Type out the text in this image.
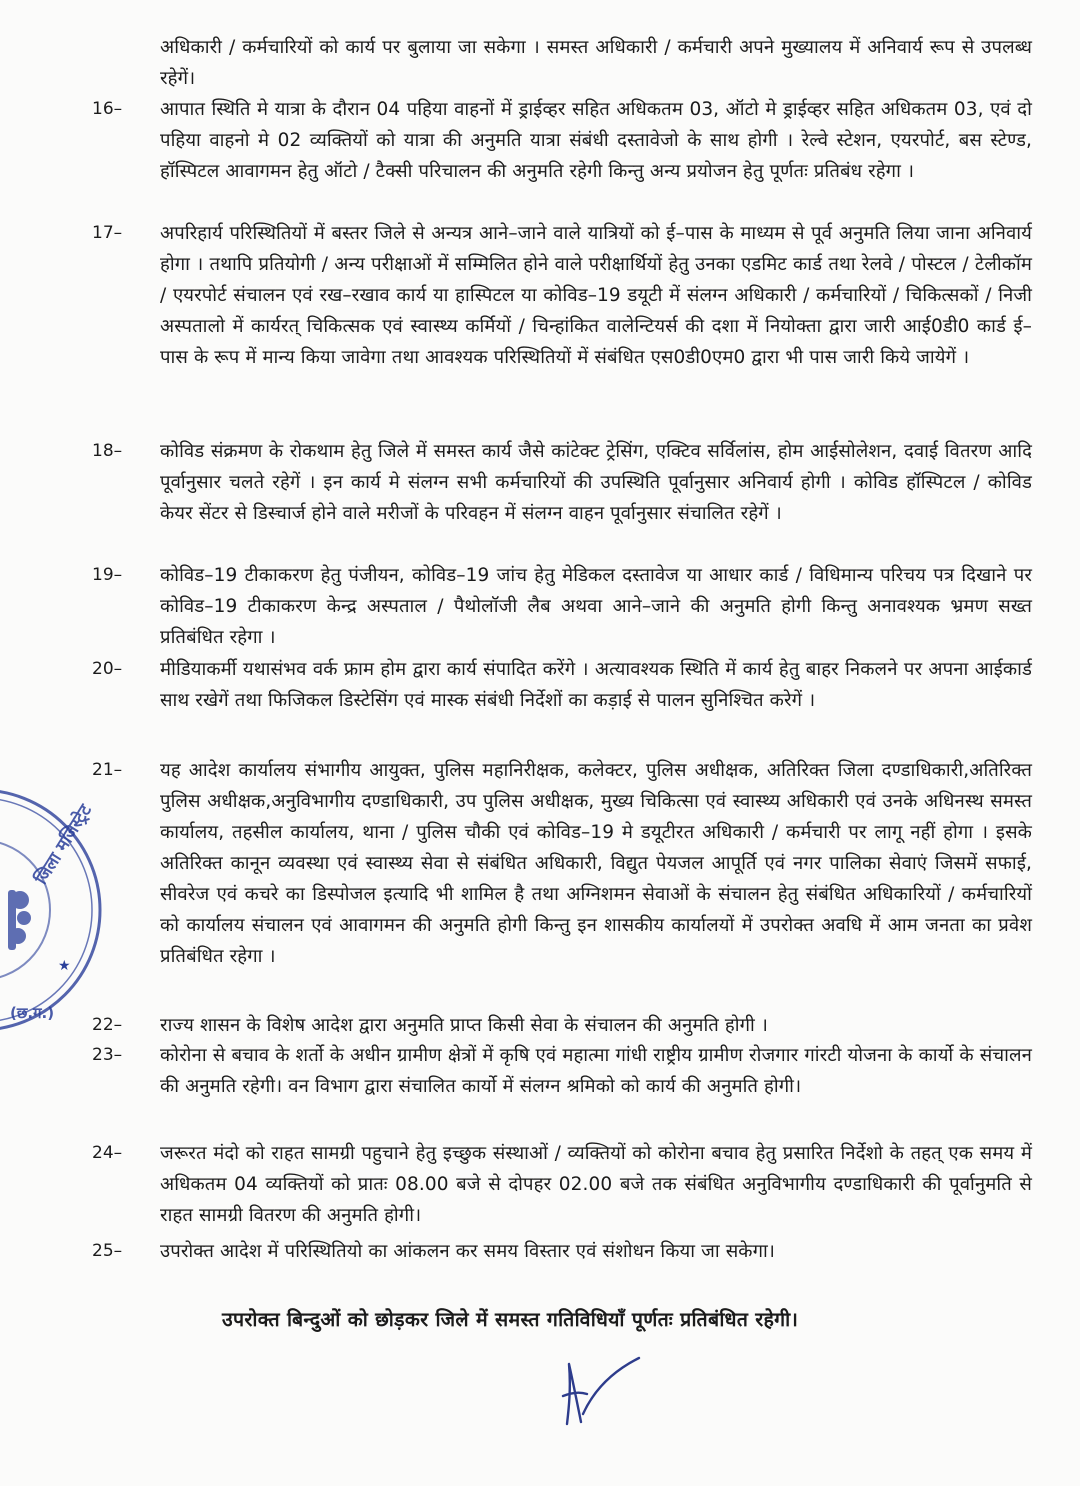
अधिकारी / कर्मचारियों को कार्य पर बुलाया जा सकेगा । समस्त अधिकारी / कर्मचारी अपने मुख्यालय में अनिवार्य रूप से उपलब्ध रहेगें।
16–	आपात स्थिति मे यात्रा के दौरान 04 पहिया वाहनों में ड्राईव्हर सहित अधिकतम 03, ऑटो मे ड्राईव्हर सहित अधिकतम 03, एवं दो पहिया वाहनो मे 02 व्यक्तियों को यात्रा की अनुमति यात्रा संबंधी दस्तावेजो के साथ होगी । रेल्वे स्टेशन, एयरपोर्ट, बस स्टेण्ड, हॉस्पिटल आवागमन हेतु ऑटो / टैक्सी परिचालन की अनुमति रहेगी किन्तु अन्य प्रयोजन हेतु पूर्णतः प्रतिबंध रहेगा ।
17–	अपरिहार्य परिस्थितियों में बस्तर जिले से अन्यत्र आने–जाने वाले यात्रियों को ई–पास के माध्यम से पूर्व अनुमति लिया जाना अनिवार्य होगा । तथापि प्रतियोगी / अन्य परीक्षाओं में सम्मिलित होने वाले परीक्षार्थियों हेतु उनका एडमिट कार्ड तथा रेलवे / पोस्टल / टेलीकॉम / एयरपोर्ट संचालन एवं रख–रखाव कार्य या हास्पिटल या कोविड–19 डयूटी में संलग्न अधिकारी / कर्मचारियों / चिकित्सकों / निजी अस्पतालो में कार्यरत् चिकित्सक एवं स्वास्थ्य कर्मियों / चिन्हांकित वालेन्टियर्स की दशा में नियोक्ता द्वारा जारी आई0डी0 कार्ड ई–पास के रूप में मान्य किया जावेगा तथा आवश्यक परिस्थितियों में संबंधित एस0डी0एम0 द्वारा भी पास जारी किये जायेगें ।
18–	कोविड संक्रमण के रोकथाम हेतु जिले में समस्त कार्य जैसे कांटेक्ट ट्रेसिंग, एक्टिव सर्विलांस, होम आईसोलेशन, दवाई वितरण आदि पूर्वानुसार चलते रहेगें । इन कार्य मे संलग्न सभी कर्मचारियों की उपस्थिति पूर्वानुसार अनिवार्य होगी । कोविड हॉस्पिटल / कोविड केयर सेंटर से डिस्चार्ज होने वाले मरीजों के परिवहन में संलग्न वाहन पूर्वानुसार संचालित रहेगें ।
19–	कोविड–19 टीकाकरण हेतु पंजीयन, कोविड–19 जांच हेतु मेडिकल दस्तावेज या आधार कार्ड / विधिमान्य परिचय पत्र दिखाने पर कोविड–19 टीकाकरण केन्द्र अस्पताल / पैथोलॉजी लैब अथवा आने–जाने की अनुमति होगी किन्तु अनावश्यक भ्रमण सख्त प्रतिबंधित रहेगा ।
20–	मीडियाकर्मी यथासंभव वर्क फ्राम होम द्वारा कार्य संपादित करेंगे । अत्यावश्यक स्थिति में कार्य हेतु बाहर निकलने पर अपना आईकार्ड साथ रखेगें तथा फिजिकल डिस्टेसिंग एवं मास्क संबंधी निर्देशों का कड़ाई से पालन सुनिश्चित करेगें ।
21–	यह आदेश कार्यालय संभागीय आयुक्त, पुलिस महानिरीक्षक, कलेक्टर, पुलिस अधीक्षक, अतिरिक्त जिला दण्डाधिकारी,अतिरिक्त पुलिस अधीक्षक,अनुविभागीय दण्डाधिकारी, उप पुलिस अधीक्षक, मुख्य चिकित्सा एवं स्वास्थ्य अधिकारी एवं उनके अधिनस्थ समस्त कार्यालय, तहसील कार्यालय, थाना / पुलिस चौकी एवं कोविड–19 मे डयूटीरत अधिकारी / कर्मचारी पर लागू नहीं होगा । इसके अतिरिक्त कानून व्यवस्था एवं स्वास्थ्य सेवा से संबंधित अधिकारी, विद्युत पेयजल आपूर्ति एवं नगर पालिका सेवाएं जिसमें सफाई, सीवरेज एवं कचरे का डिस्पोजल इत्यादि भी शामिल है तथा अग्निशमन सेवाओं के संचालन हेतु संबंधित अधिकारियों / कर्मचारियों को कार्यालय संचालन एवं आवागमन की अनुमति होगी किन्तु इन शासकीय कार्यालयों में उपरोक्त अवधि में आम जनता का प्रवेश प्रतिबंधित रहेगा ।
22–	राज्य शासन के विशेष आदेश द्वारा अनुमति प्राप्त किसी सेवा के संचालन की अनुमति होगी ।
23–	कोरोना से बचाव के शर्तो के अधीन ग्रामीण क्षेत्रों में कृषि एवं महात्मा गांधी राष्ट्रीय ग्रामीण रोजगार गांरटी योजना के कार्यो के संचालन की अनुमति रहेगी। वन विभाग द्वारा संचालित कार्यो में संलग्न श्रमिको को कार्य की अनुमति होगी।
24–	जरूरत मंदो को राहत सामग्री पहुचाने हेतु इच्छुक संस्थाओं / व्यक्तियों को कोरोना बचाव हेतु प्रसारित निर्देशो के तहत् एक समय में अधिकतम 04 व्यक्तियों को प्रातः 08.00 बजे से दोपहर 02.00 बजे तक संबंधित अनुविभागीय दण्डाधिकारी की पूर्वानुमति से राहत सामग्री वितरण की अनुमति होगी।
25–	उपरोक्त आदेश में परिस्थितियो का आंकलन कर समय विस्तार एवं संशोधन किया जा सकेगा।
उपरोक्त बिन्दुओं को छोड़कर जिले में समस्त गतिविधियाँ पूर्णतः प्रतिबंधित रहेगी।
★
जिला मजिस्ट्रेट
(छ.ग.)
